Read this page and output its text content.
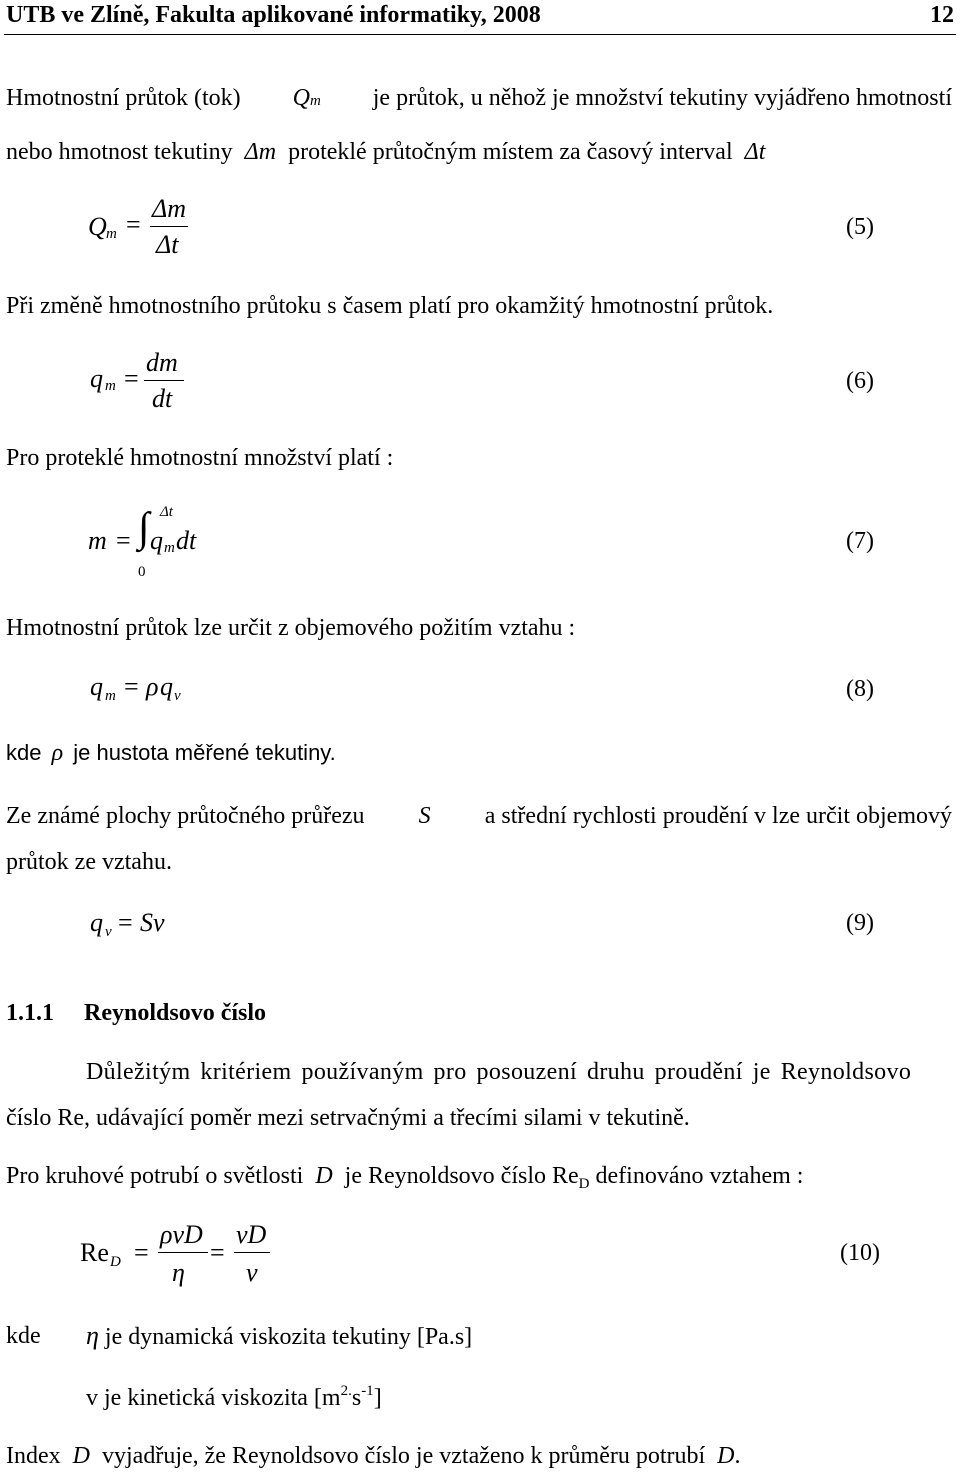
UTB ve Zlíně, Fakulta aplikované informatiky, 2008	12
Hmotnostní průtok (tok) Qm je průtok, u něhož je množství tekutiny vyjádřeno hmotností
nebo hmotnost tekutiny Δm proteklé průtočným místem za časový interval Δt
Q m =
Δm
Δt
(5)
Při změně hmotnostního průtoku s časem platí pro okamžitý hmotnostní průtok.
q m =
dm
dt
(6)
Pro proteklé hmotnostní množství platí :
m = ∫ Δt
0
q m dt	(7)
Hmotnostní průtok lze určit z objemového požitím vztahu :
q m = ρ q v	(8)
kde ρ je hustota měřené tekutiny.
Ze známé plochy průtočného průřezu S a střední rychlosti proudění v lze určit objemový
průtok ze vztahu.
q v = Sv	(9)
1.1.1 Reynoldsovo číslo
Důležitým kritériem používaným pro posouzení druhu proudění je Reynoldsovo
číslo Re, udávající poměr mezi setrvačnými a třecími silami v tekutině.
Pro kruhové potrubí o světlosti D je Reynoldsovo číslo $Re_D$ definováno vztahem :
Re D =
ρvD
η
=
vD
v
(10)
kde η je dynamická viskozita tekutiny [Pa.s]
v je kinetická viskozita $[m^{2.}s^{-1}]$
Index D vyjadřuje, že Reynoldsovo číslo je vztaženo k průměru potrubí D.
